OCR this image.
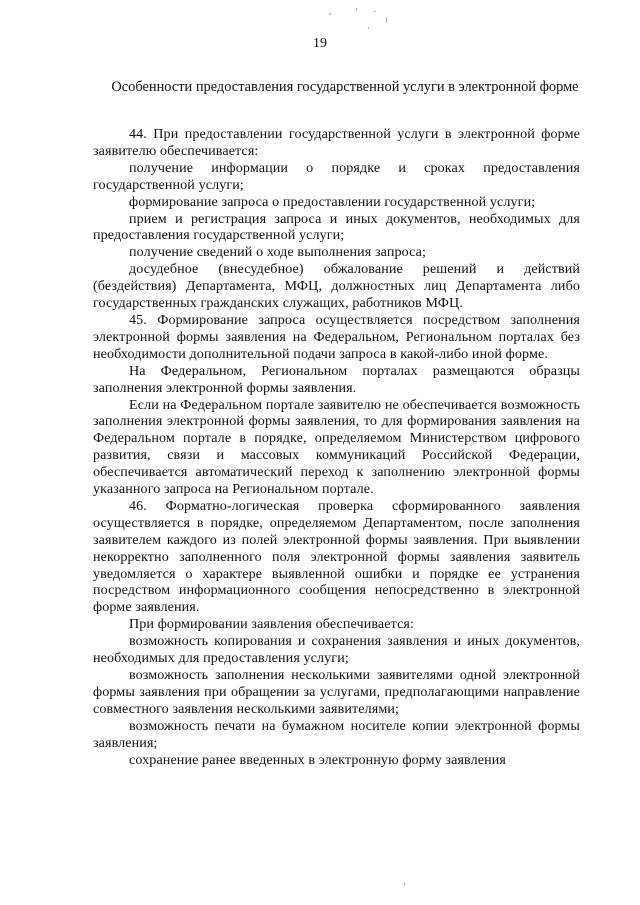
19
Особенности предоставления государственной услуги в электронной форме

44. При предоставлении государственной услуги в электронной форме заявителю обеспечивается:

получение информации о порядке и сроках предоставления государственной услуги;

формирование запроса о предоставлении государственной услуги;

прием и регистрация запроса и иных документов, необходимых для предоставления государственной услуги;

получение сведений о ходе выполнения запроса;

досудебное (внесудебное) обжалование решений и действий (бездействия) Департамента, МФЦ, должностных лиц Департамента либо государственных гражданских служащих, работников МФЦ.

45. Формирование запроса осуществляется посредством заполнения электронной формы заявления на Федеральном, Региональном порталах без необходимости дополнительной подачи запроса в какой-либо иной форме.

На Федеральном, Региональном порталах размещаются образцы заполнения электронной формы заявления.

Если на Федеральном портале заявителю не обеспечивается возможность заполнения электронной формы заявления, то для формирования заявления на Федеральном портале в порядке, определяемом Министерством цифрового развития, связи и массовых коммуникаций Российской Федерации, обеспечивается автоматический переход к заполнению электронной формы указанного запроса на Региональном портале.

46. Форматно-логическая проверка сформированного заявления осуществляется в порядке, определяемом Департаментом, после заполнения заявителем каждого из полей электронной формы заявления. При выявлении некорректно заполненного поля электронной формы заявления заявитель уведомляется о характере выявленной ошибки и порядке ее устранения посредством информационного сообщения непосредственно в электронной форме заявления.

При формировании заявления обеспечивается:

возможность копирования и сохранения заявления и иных документов, необходимых для предоставления услуги;

возможность заполнения несколькими заявителями одной электронной формы заявления при обращении за услугами, предполагающими направление совместного заявления несколькими заявителями;

возможность печати на бумажном носителе копии электронной формы заявления;

сохранение ранее введенных в электронную форму заявления
